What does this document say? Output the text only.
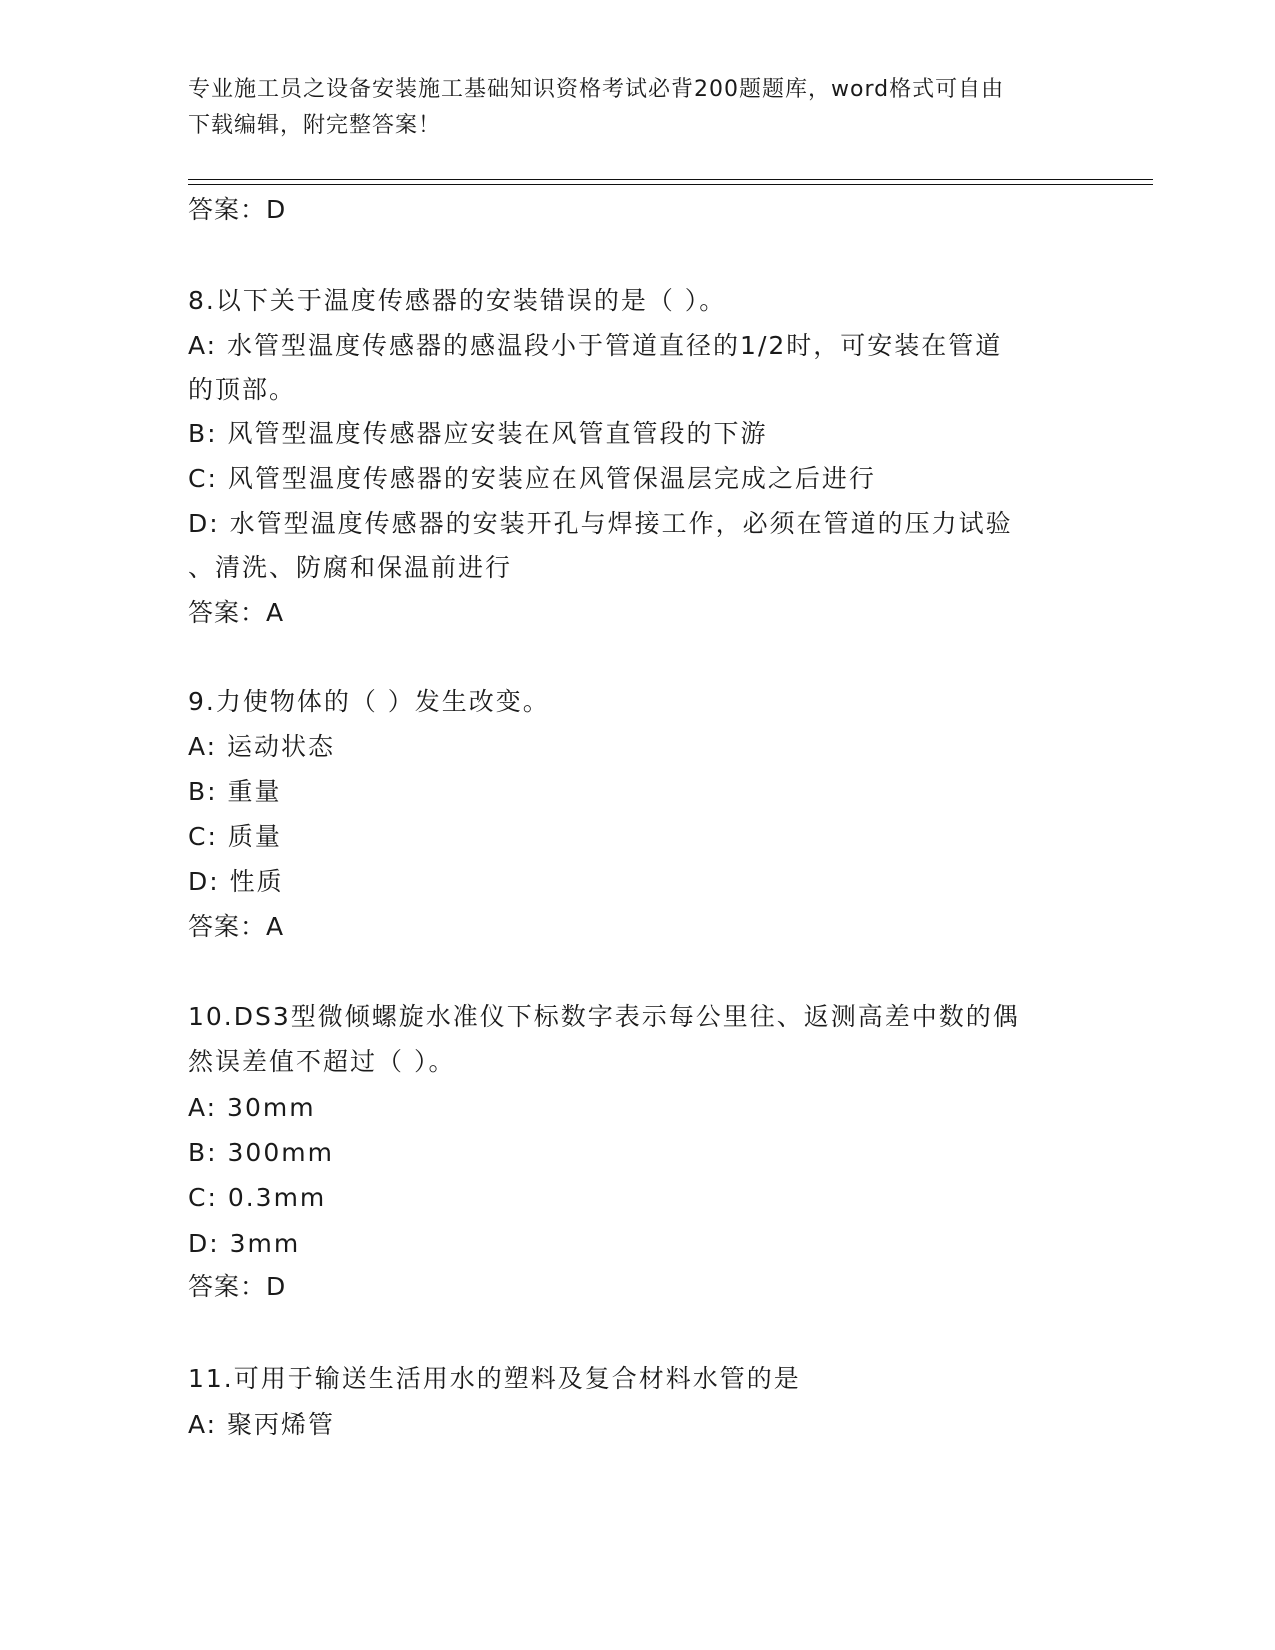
专业施工员之设备安装施工基础知识资格考试必背200题题库，word格式可自由
下载编辑，附完整答案！
答案：D
8.以下关于温度传感器的安装错误的是（ ）。
A: 水管型温度传感器的感温段小于管道直径的1/2时，可安装在管道
的顶部。
B: 风管型温度传感器应安装在风管直管段的下游
C: 风管型温度传感器的安装应在风管保温层完成之后进行
D: 水管型温度传感器的安装开孔与焊接工作，必须在管道的压力试验
、清洗、防腐和保温前进行
答案：A
9.力使物体的（ ）发生改变。
A: 运动状态
B: 重量
C: 质量
D: 性质
答案：A
10.DS3型微倾螺旋水准仪下标数字表示每公里往、返测高差中数的偶
然误差值不超过（ ）。
A: 30mm
B: 300mm
C: 0.3mm
D: 3mm
答案：D
11.可用于输送生活用水的塑料及复合材料水管的是
A: 聚丙烯管
